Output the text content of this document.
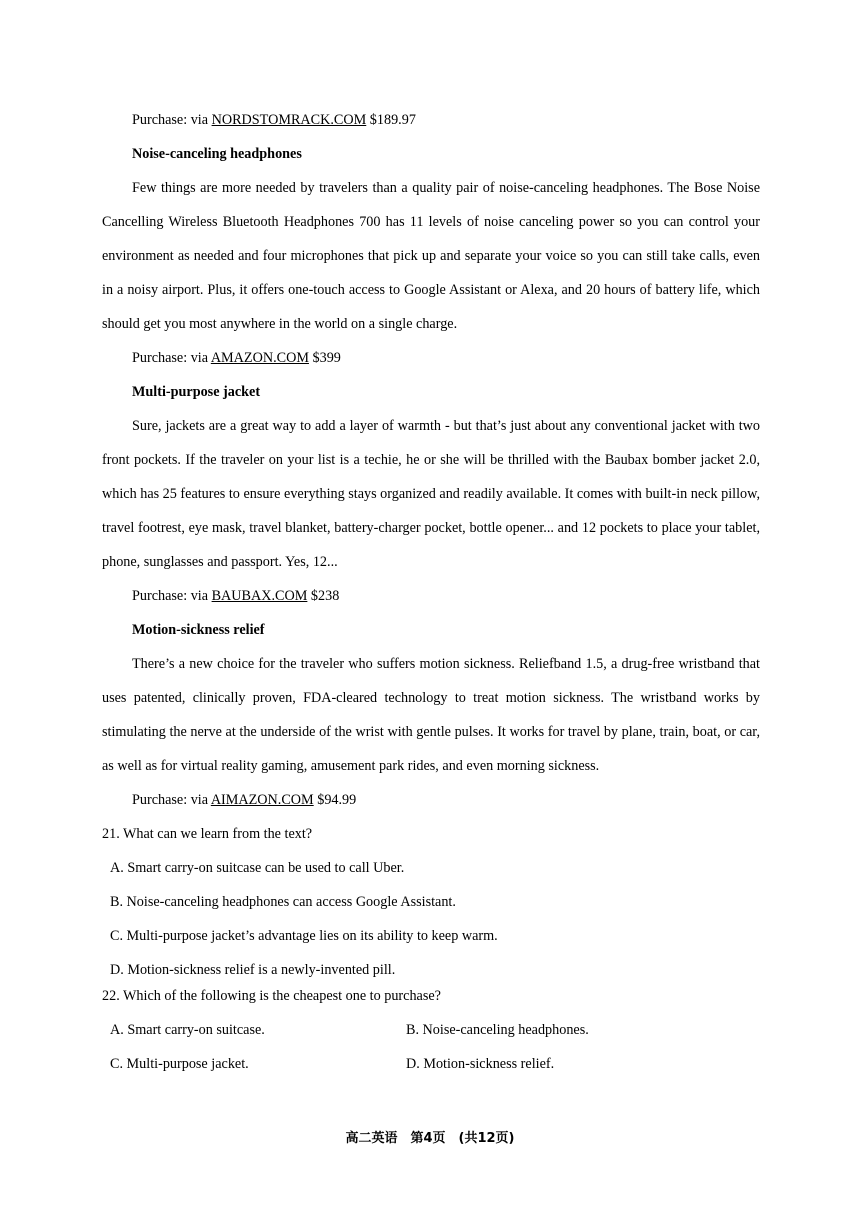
Purchase: via NORDSTOMRACK.COM $189.97
Noise-canceling headphones

Few things are more needed by travelers than a quality pair of noise-canceling headphones. The Bose Noise Cancelling Wireless Bluetooth Headphones 700 has 11 levels of noise canceling power so you can control your environment as needed and four microphones that pick up and separate your voice so you can still take calls, even in a noisy airport. Plus, it offers one-touch access to Google Assistant or Alexa, and 20 hours of battery life, which should get you most anywhere in the world on a single charge.

Purchase: via AMAZON.COM $399
Multi-purpose jacket

Sure, jackets are a great way to add a layer of warmth - but that’s just about any conventional jacket with two front pockets. If the traveler on your list is a techie, he or she will be thrilled with the Baubax bomber jacket 2.0, which has 25 features to ensure everything stays organized and readily available. It comes with built-in neck pillow, travel footrest, eye mask, travel blanket, battery-charger pocket, bottle opener... and 12 pockets to place your tablet, phone, sunglasses and passport. Yes, 12...

Purchase: via BAUBAX.COM $238
Motion-sickness relief

There’s a new choice for the traveler who suffers motion sickness. Reliefband 1.5, a drug-free wristband that uses patented, clinically proven, FDA-cleared technology to treat motion sickness. The wristband works by stimulating the nerve at the underside of the wrist with gentle pulses. It works for travel by plane, train, boat, or car, as well as for virtual reality gaming, amusement park rides, and even morning sickness.

Purchase: via AIMAZON.COM $94.99
21. What can we learn from the text?
A. Smart carry-on suitcase can be used to call Uber.
B. Noise-canceling headphones can access Google Assistant.
C. Multi-purpose jacket’s advantage lies on its ability to keep warm.
D. Motion-sickness relief is a newly-invented pill.
22. Which of the following is the cheapest one to purchase?
A. Smart carry-on suitcase.	B. Noise-canceling headphones.
C. Multi-purpose jacket.	D. Motion-sickness relief.
高二英语　第4页　(共12页)
